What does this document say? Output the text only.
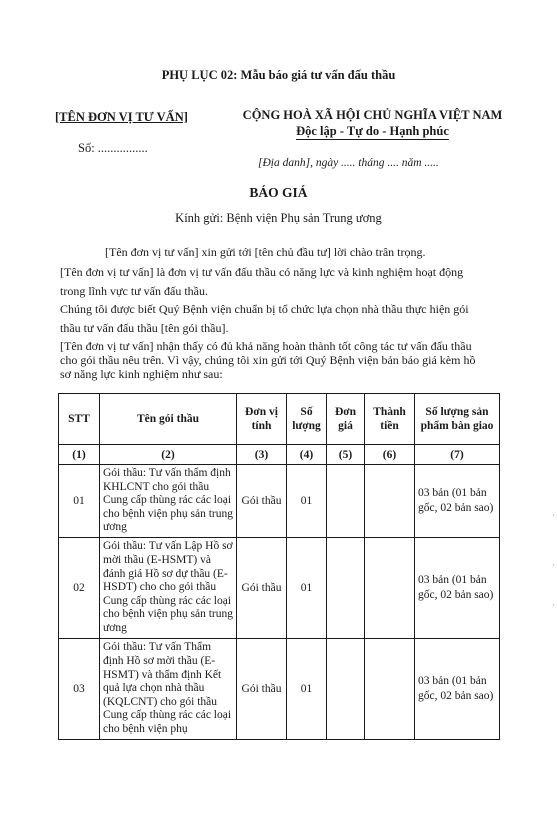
PHỤ LỤC 02: Mẫu báo giá tư vấn đấu thầu
[TÊN ĐƠN VỊ TƯ VẤN]
Số: ................
CỘNG HOÀ XÃ HỘI CHỦ NGHĨA VIỆT NAM
Độc lập - Tự do - Hạnh phúc
[Địa danh], ngày ..... tháng .... năm .....
BÁO GIÁ
Kính gửi: Bệnh viện Phụ sản Trung ương
[Tên đơn vị tư vấn] xin gửi tới [tên chủ đầu tư] lời chào trân trọng.
[Tên đơn vị tư vấn] là đơn vị tư vấn đấu thầu có năng lực và kinh nghiệm hoạt động
trong lĩnh vực tư vấn đấu thầu.
Chúng tôi được biết Quý Bệnh viện chuẩn bị tổ chức lựa chọn nhà thầu thực hiện gói
thầu tư vấn đấu thầu [tên gói thầu].
[Tên đơn vị tư vấn] nhận thấy có đủ khả năng hoàn thành tốt công tác tư vấn đấu thầu
cho gói thầu nêu trên. Vì vậy, chúng tôi xin gửi tới Quý Bệnh viện bản báo giá kèm hồ
sơ năng lực kinh nghiệm như sau:
STT	Tên gói thầu	Đơn vị tính	Số lượng	Đơn giá	Thành tiền	Số lượng sản phẩm bàn giao
(1)	(2)	(3)	(4)	(5)	(6)	(7)
01	Gói thầu: Tư vấn thẩm định KHLCNT cho gói thầu Cung cấp thùng rác các loại cho bệnh viện phụ sản trung ương	Gói thầu	01			03 bản (01 bản gốc, 02 bản sao)
02	Gói thầu: Tư vấn Lập Hồ sơ mời thầu (E-HSMT) và đánh giá Hồ sơ dự thầu (E-HSDT) cho cho gói thầu Cung cấp thùng rác các loại cho bệnh viện phụ sản trung ương	Gói thầu	01			03 bản (01 bản gốc, 02 bản sao)
03	Gói thầu: Tư vấn Thẩm định Hồ sơ mời thầu (E-HSMT) và thẩm định Kết quả lựa chọn nhà thầu (KQLCNT) cho gói thầu Cung cấp thùng rác các loại cho bệnh viện phụ	Gói thầu	01			03 bản (01 bản gốc, 02 bản sao)
·
·
·
